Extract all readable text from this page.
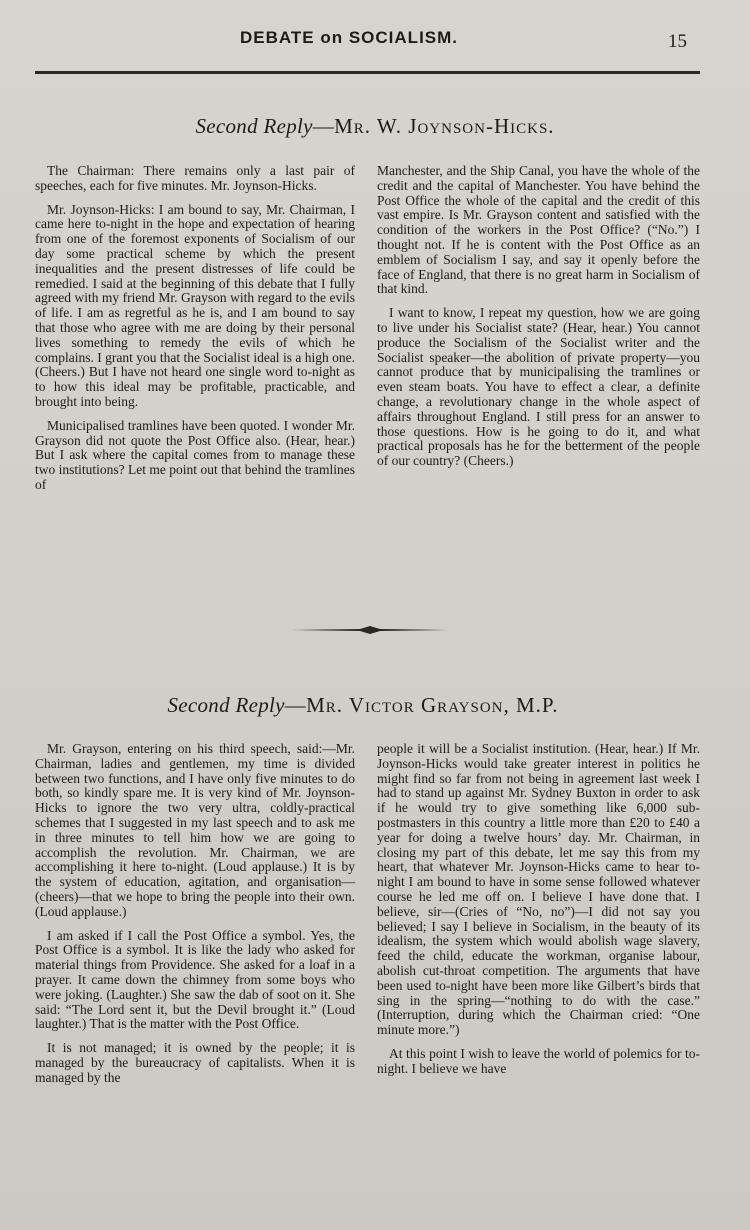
DEBATE on SOCIALISM.	15
Second Reply—Mr. W. Joynson-Hicks.

The Chairman: There remains only a last pair of speeches, each for five minutes. Mr. Joynson-Hicks.

Mr. Joynson-Hicks: I am bound to say, Mr. Chairman, I came here to-night in the hope and expectation of hearing from one of the foremost exponents of Socialism of our day some practical scheme by which the present inequalities and the present distresses of life could be remedied. I said at the beginning of this debate that I fully agreed with my friend Mr. Grayson with regard to the evils of life. I am as regretful as he is, and I am bound to say that those who agree with me are doing by their personal lives something to remedy the evils of which he complains. I grant you that the Socialist ideal is a high one. (Cheers.) But I have not heard one single word to-night as to how this ideal may be profitable, practicable, and brought into being.

Municipalised tramlines have been quoted. I wonder Mr. Grayson did not quote the Post Office also. (Hear, hear.) But I ask where the capital comes from to manage these two institutions? Let me point out that behind the tramlines of

Manchester, and the Ship Canal, you have the whole of the credit and the capital of Manchester. You have behind the Post Office the whole of the capital and the credit of this vast empire. Is Mr. Grayson content and satisfied with the condition of the workers in the Post Office? (“No.”) I thought not. If he is content with the Post Office as an emblem of Socialism I say, and say it openly before the face of England, that there is no great harm in Socialism of that kind.

I want to know, I repeat my question, how we are going to live under his Socialist state? (Hear, hear.) You cannot produce the Socialism of the Socialist writer and the Socialist speaker—the abolition of private property—you cannot produce that by municipalising the tramlines or even steam boats. You have to effect a clear, a definite change, a revolutionary change in the whole aspect of affairs throughout England. I still press for an answer to those questions. How is he going to do it, and what practical proposals has he for the betterment of the people of our country? (Cheers.)

Second Reply—Mr. Victor Grayson, M.P.

Mr. Grayson, entering on his third speech, said:—Mr. Chairman, ladies and gentlemen, my time is divided between two functions, and I have only five minutes to do both, so kindly spare me. It is very kind of Mr. Joynson-Hicks to ignore the two very ultra, coldly-practical schemes that I suggested in my last speech and to ask me in three minutes to tell him how we are going to accomplish the revolution. Mr. Chairman, we are accomplishing it here to-night. (Loud applause.) It is by the system of education, agitation, and organisation—(cheers)—that we hope to bring the people into their own. (Loud applause.)

I am asked if I call the Post Office a symbol. Yes, the Post Office is a symbol. It is like the lady who asked for material things from Providence. She asked for a loaf in a prayer. It came down the chimney from some boys who were joking. (Laughter.) She saw the dab of soot on it. She said: “The Lord sent it, but the Devil brought it.” (Loud laughter.) That is the matter with the Post Office.

It is not managed; it is owned by the people; it is managed by the bureaucracy of capitalists. When it is managed by the

people it will be a Socialist institution. (Hear, hear.) If Mr. Joynson-Hicks would take greater interest in politics he might find so far from not being in agreement last week I had to stand up against Mr. Sydney Buxton in order to ask if he would try to give something like 6,000 sub-postmasters in this country a little more than £20 to £40 a year for doing a twelve hours’ day. Mr. Chairman, in closing my part of this debate, let me say this from my heart, that whatever Mr. Joynson-Hicks came to hear to-night I am bound to have in some sense followed whatever course he led me off on. I believe I have done that. I believe, sir—(Cries of “No, no”)—I did not say you believed; I say I believe in Socialism, in the beauty of its idealism, the system which would abolish wage slavery, feed the child, educate the workman, organise labour, abolish cut-throat competition. The arguments that have been used to-night have been more like Gilbert’s birds that sing in the spring—“nothing to do with the case.” (Interruption, during which the Chairman cried: “One minute more.”)

At this point I wish to leave the world of polemics for to-night. I believe we have
